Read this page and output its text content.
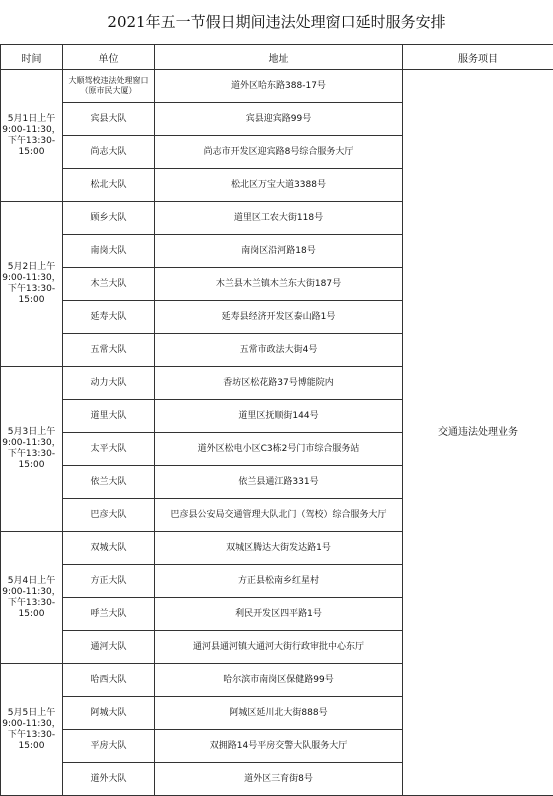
2021年五一节假日期间违法处理窗口延时服务安排
时间	单位	地址	服务项目
5月1日上午
9:00-11:30，
下午13:30-
15:00	大顺驾校违法处理窗口（原市民大厦）	道外区哈东路388-17号	交通违法处理业务
	宾县大队	宾县迎宾路99号	
	尚志大队	尚志市开发区迎宾路8号综合服务大厅	
	松北大队	松北区万宝大道3388号	
5月2日上午
9:00-11:30，
下午13:30-
15:00	顾乡大队	道里区工农大街118号	
	南岗大队	南岗区沿河路18号	
	木兰大队	木兰县木兰镇木兰东大街187号	
	延寿大队	延寿县经济开发区泰山路1号	
	五常大队	五常市政法大街4号	
5月3日上午
9:00-11:30，
下午13:30-
15:00	动力大队	香坊区松花路37号博能院内	
	道里大队	道里区抚顺街144号	
	太平大队	道外区松电小区C3栋2号门市综合服务站	
	依兰大队	依兰县通江路331号	
	巴彦大队	巴彦县公安局交通管理大队北门（驾校）综合服务大厅	
5月4日上午
9:00-11:30，
下午13:30-
15:00	双城大队	双城区腾达大街发达路1号	
	方正大队	方正县松南乡红星村	
	呼兰大队	利民开发区四平路1号	
	通河大队	通河县通河镇大通河大街行政审批中心东厅	
5月5日上午
9:00-11:30，
下午13:30-
15:00	哈西大队	哈尔滨市南岗区保健路99号	
	阿城大队	阿城区延川北大街888号	
	平房大队	双拥路14号平房交警大队服务大厅	
	道外大队	道外区三育街8号	
